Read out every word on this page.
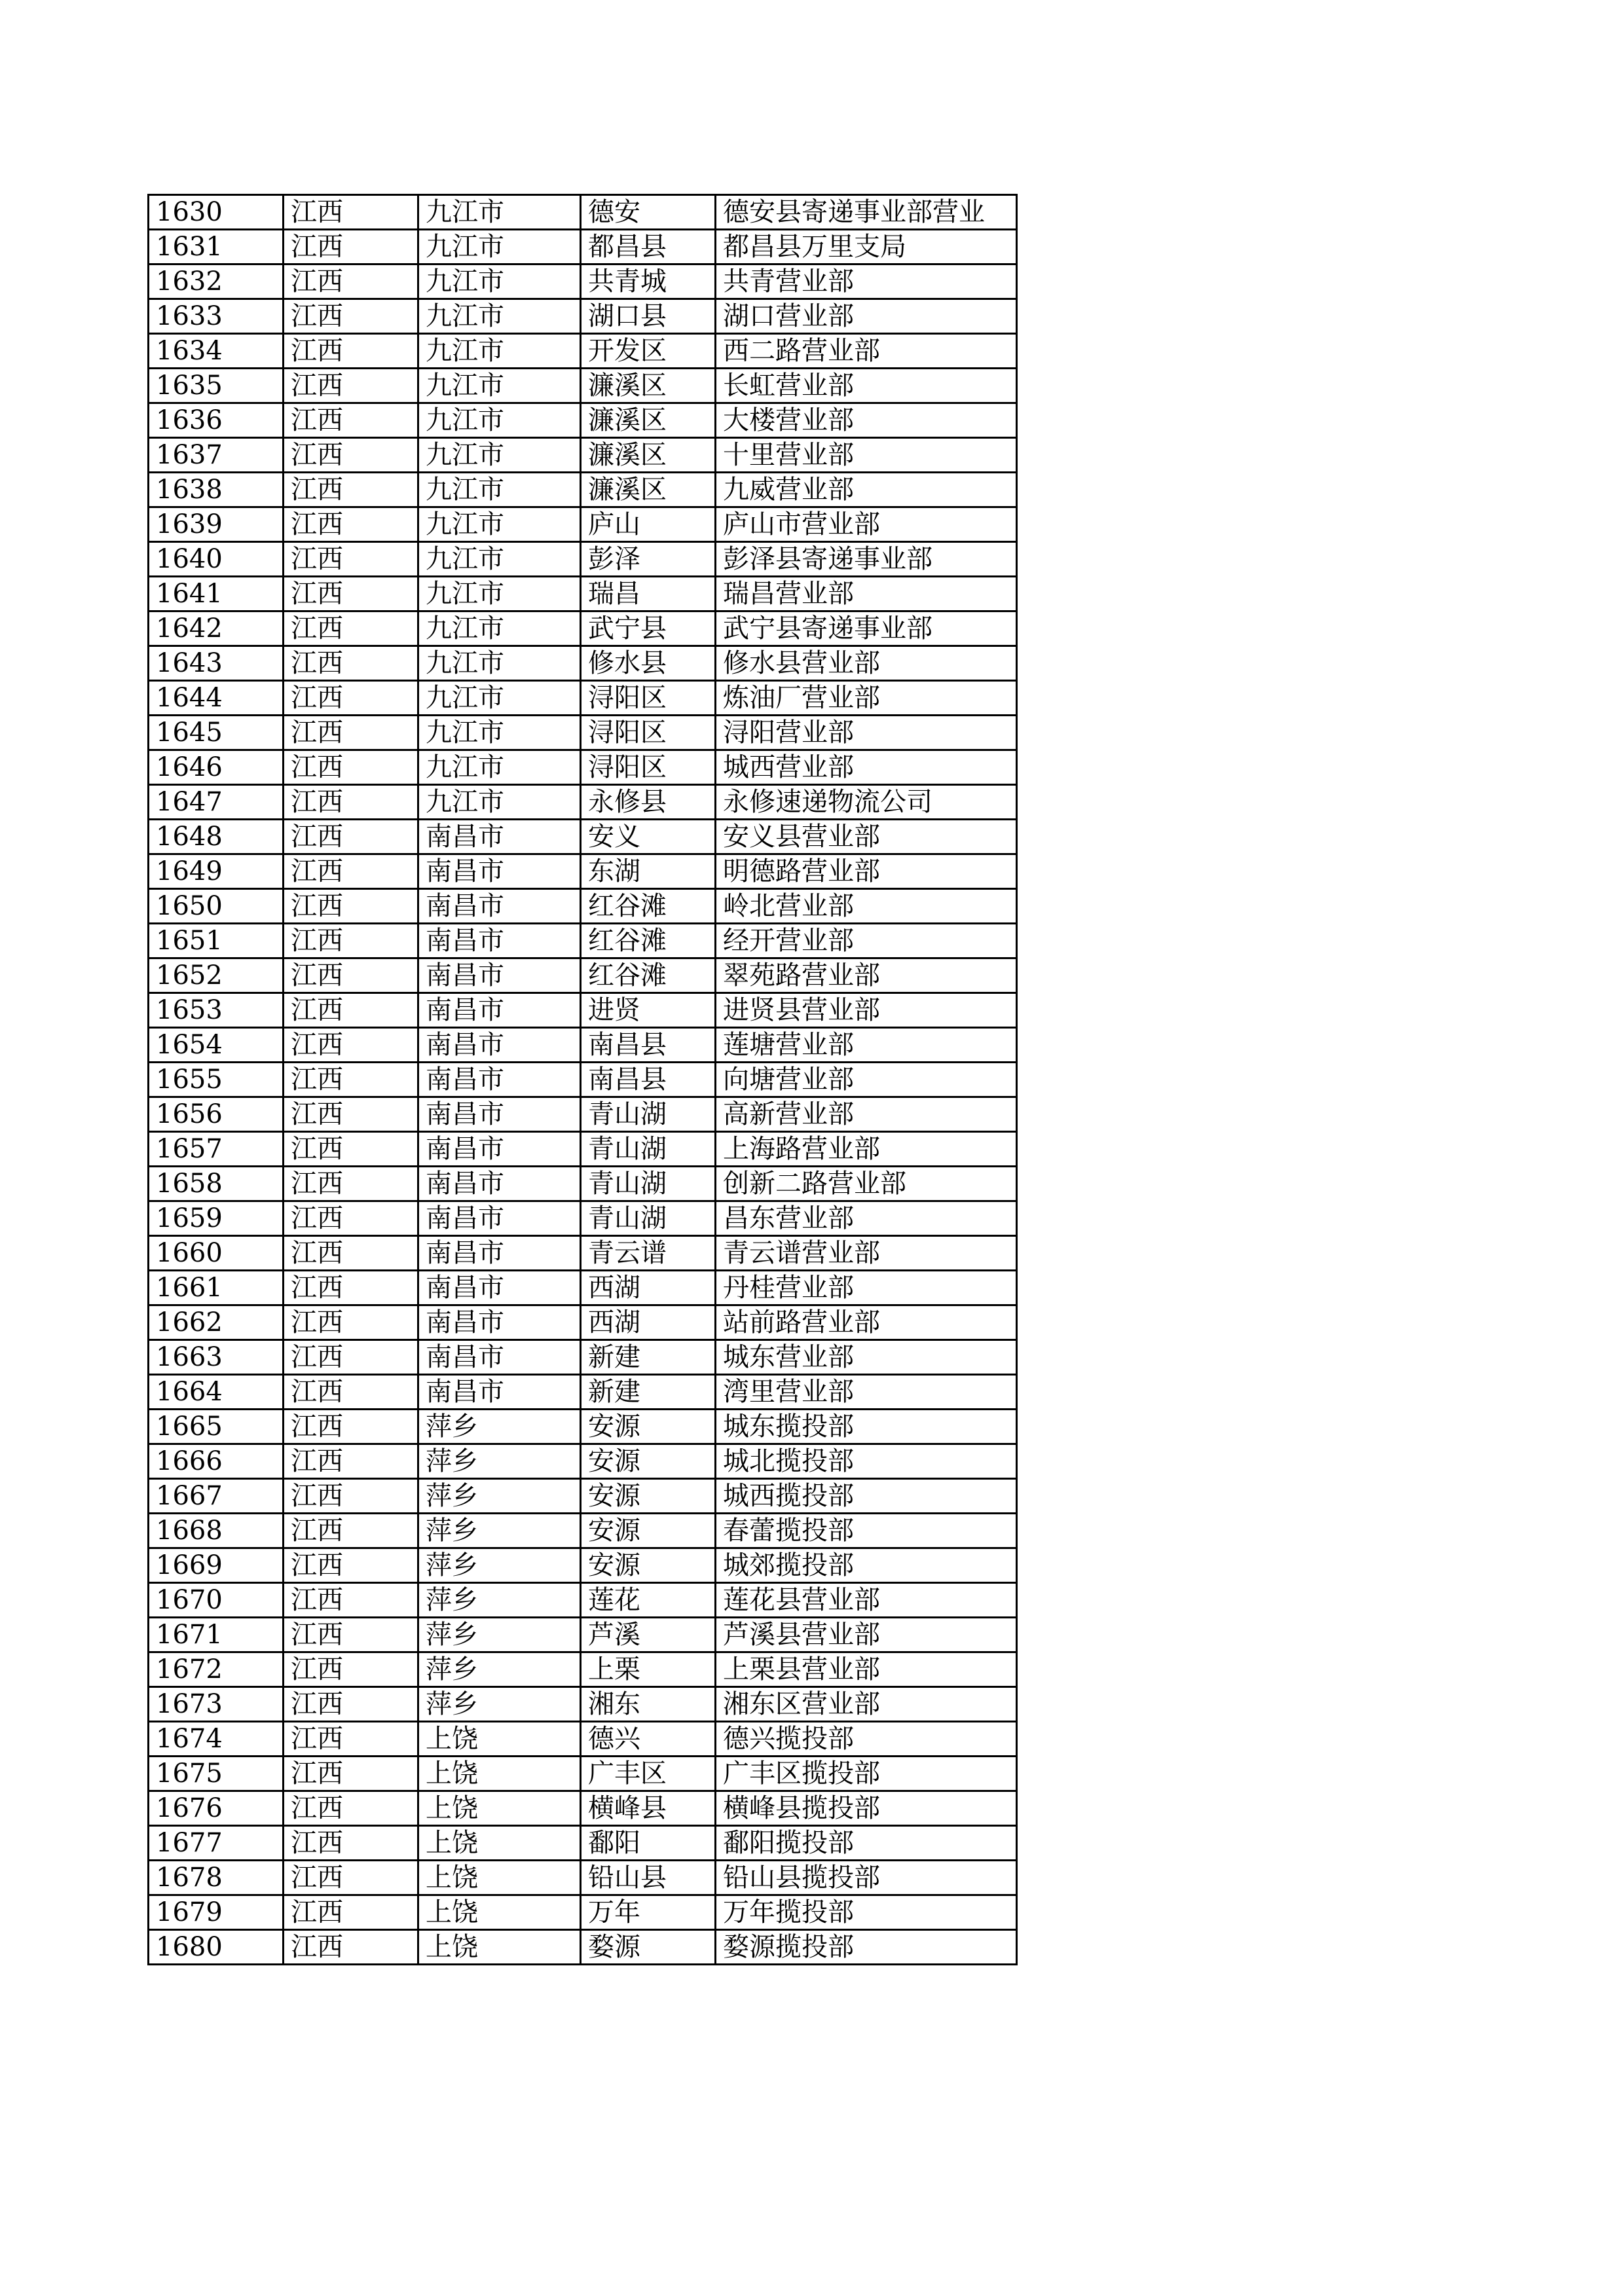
1630	江西	九江市	德安	德安县寄递事业部营业
1631	江西	九江市	都昌县	都昌县万里支局
1632	江西	九江市	共青城	共青营业部
1633	江西	九江市	湖口县	湖口营业部
1634	江西	九江市	开发区	西二路营业部
1635	江西	九江市	濂溪区	长虹营业部
1636	江西	九江市	濂溪区	大楼营业部
1637	江西	九江市	濂溪区	十里营业部
1638	江西	九江市	濂溪区	九威营业部
1639	江西	九江市	庐山	庐山市营业部
1640	江西	九江市	彭泽	彭泽县寄递事业部
1641	江西	九江市	瑞昌	瑞昌营业部
1642	江西	九江市	武宁县	武宁县寄递事业部
1643	江西	九江市	修水县	修水县营业部
1644	江西	九江市	浔阳区	炼油厂营业部
1645	江西	九江市	浔阳区	浔阳营业部
1646	江西	九江市	浔阳区	城西营业部
1647	江西	九江市	永修县	永修速递物流公司
1648	江西	南昌市	安义	安义县营业部
1649	江西	南昌市	东湖	明德路营业部
1650	江西	南昌市	红谷滩	岭北营业部
1651	江西	南昌市	红谷滩	经开营业部
1652	江西	南昌市	红谷滩	翠苑路营业部
1653	江西	南昌市	进贤	进贤县营业部
1654	江西	南昌市	南昌县	莲塘营业部
1655	江西	南昌市	南昌县	向塘营业部
1656	江西	南昌市	青山湖	高新营业部
1657	江西	南昌市	青山湖	上海路营业部
1658	江西	南昌市	青山湖	创新二路营业部
1659	江西	南昌市	青山湖	昌东营业部
1660	江西	南昌市	青云谱	青云谱营业部
1661	江西	南昌市	西湖	丹桂营业部
1662	江西	南昌市	西湖	站前路营业部
1663	江西	南昌市	新建	城东营业部
1664	江西	南昌市	新建	湾里营业部
1665	江西	萍乡	安源	城东揽投部
1666	江西	萍乡	安源	城北揽投部
1667	江西	萍乡	安源	城西揽投部
1668	江西	萍乡	安源	春蕾揽投部
1669	江西	萍乡	安源	城郊揽投部
1670	江西	萍乡	莲花	莲花县营业部
1671	江西	萍乡	芦溪	芦溪县营业部
1672	江西	萍乡	上栗	上栗县营业部
1673	江西	萍乡	湘东	湘东区营业部
1674	江西	上饶	德兴	德兴揽投部
1675	江西	上饶	广丰区	广丰区揽投部
1676	江西	上饶	横峰县	横峰县揽投部
1677	江西	上饶	鄱阳	鄱阳揽投部
1678	江西	上饶	铅山县	铅山县揽投部
1679	江西	上饶	万年	万年揽投部
1680	江西	上饶	婺源	婺源揽投部
